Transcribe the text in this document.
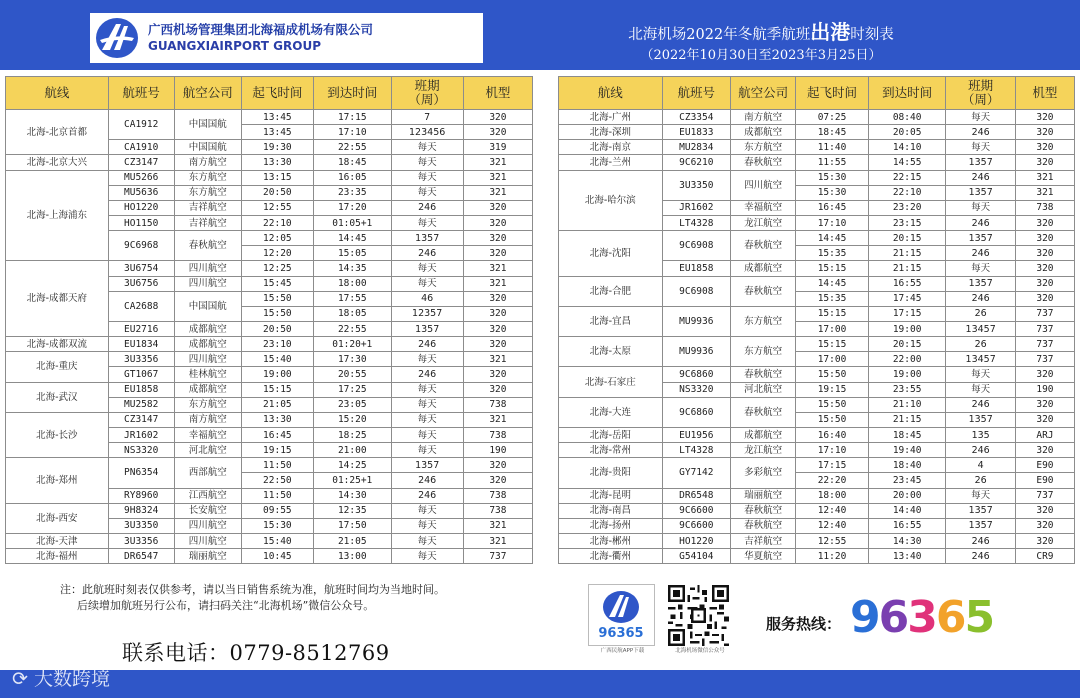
广西机场管理集团北海福成机场有限公司
GUANGXIAIRPORT GROUP
北海机场2022年冬航季航班出港时刻表
（2022年10月30日至2023年3月25日）
航线	航班号	航空公司	起飞时间	到达时间	班期
（周）	机型
北海-北京首都	CA1912	中国国航	13:45	17:15	7	320
			13:45	17:10	123456	320
	CA1910	中国国航	19:30	22:55	每天	319
北海-北京大兴	CZ3147	南方航空	13:30	18:45	每天	321
北海-上海浦东	MU5266	东方航空	13:15	16:05	每天	321
	MU5636	东方航空	20:50	23:35	每天	321
	HO1220	吉祥航空	12:55	17:20	246	320
	HO1150	吉祥航空	22:10	01:05+1	每天	320
	9C6968	春秋航空	12:05	14:45	1357	320
			12:20	15:05	246	320
北海-成都天府	3U6754	四川航空	12:25	14:35	每天	321
	3U6756	四川航空	15:45	18:00	每天	321
	CA2688	中国国航	15:50	17:55	46	320
			15:50	18:05	12357	320
	EU2716	成都航空	20:50	22:55	1357	320
北海-成都双流	EU1834	成都航空	23:10	01:20+1	246	320
北海-重庆	3U3356	四川航空	15:40	17:30	每天	321
	GT1067	桂林航空	19:00	20:55	246	320
北海-武汉	EU1858	成都航空	15:15	17:25	每天	320
	MU2582	东方航空	21:05	23:05	每天	738
北海-长沙	CZ3147	南方航空	13:30	15:20	每天	321
	JR1602	幸福航空	16:45	18:25	每天	738
	NS3320	河北航空	19:15	21:00	每天	190
北海-郑州	PN6354	西部航空	11:50	14:25	1357	320
			22:50	01:25+1	246	320
	RY8960	江西航空	11:50	14:30	246	738
北海-西安	9H8324	长安航空	09:55	12:35	每天	738
	3U3350	四川航空	15:30	17:50	每天	321
北海-天津	3U3356	四川航空	15:40	21:05	每天	321
北海-福州	DR6547	瑞丽航空	10:45	13:00	每天	737
航线	航班号	航空公司	起飞时间	到达时间	班期
（周）	机型
北海-广州	CZ3354	南方航空	07:25	08:40	每天	320
北海-深圳	EU1833	成都航空	18:45	20:05	246	320
北海-南京	MU2834	东方航空	11:40	14:10	每天	320
北海-兰州	9C6210	春秋航空	11:55	14:55	1357	320
北海-哈尔滨	3U3350	四川航空	15:30	22:15	246	321
			15:30	22:10	1357	321
	JR1602	幸福航空	16:45	23:20	每天	738
	LT4328	龙江航空	17:10	23:15	246	320
北海-沈阳	9C6908	春秋航空	14:45	20:15	1357	320
			15:35	21:15	246	320
	EU1858	成都航空	15:15	21:15	每天	320
北海-合肥	9C6908	春秋航空	14:45	16:55	1357	320
			15:35	17:45	246	320
北海-宜昌	MU9936	东方航空	15:15	17:15	26	737
			17:00	19:00	13457	737
北海-太原	MU9936	东方航空	15:15	20:15	26	737
			17:00	22:00	13457	737
北海-石家庄	9C6860	春秋航空	15:50	19:00	每天	320
	NS3320	河北航空	19:15	23:55	每天	190
北海-大连	9C6860	春秋航空	15:50	21:10	246	320
			15:50	21:15	1357	320
北海-岳阳	EU1956	成都航空	16:40	18:45	135	ARJ
北海-常州	LT4328	龙江航空	17:10	19:40	246	320
北海-贵阳	GY7142	多彩航空	17:15	18:40	4	E90
			22:20	23:45	26	E90
北海-昆明	DR6548	瑞丽航空	18:00	20:00	每天	737
北海-南昌	9C6600	春秋航空	12:40	14:40	1357	320
北海-扬州	9C6600	春秋航空	12:40	16:55	1357	320
北海-郴州	HO1220	吉祥航空	12:55	14:30	246	320
北海-衢州	G54104	华夏航空	11:20	13:40	246	CR9
注：此航班时刻表仅供参考，请以当日销售系统为准，航班时间均为当地时间。
后续增加航班另行公布，请扫码关注“北海机场”微信公众号。
联系电话：0779-8512769
96365
广西民航APP下载	北海机场微信公众号
服务热线： 96365
⟳ 大数跨境
